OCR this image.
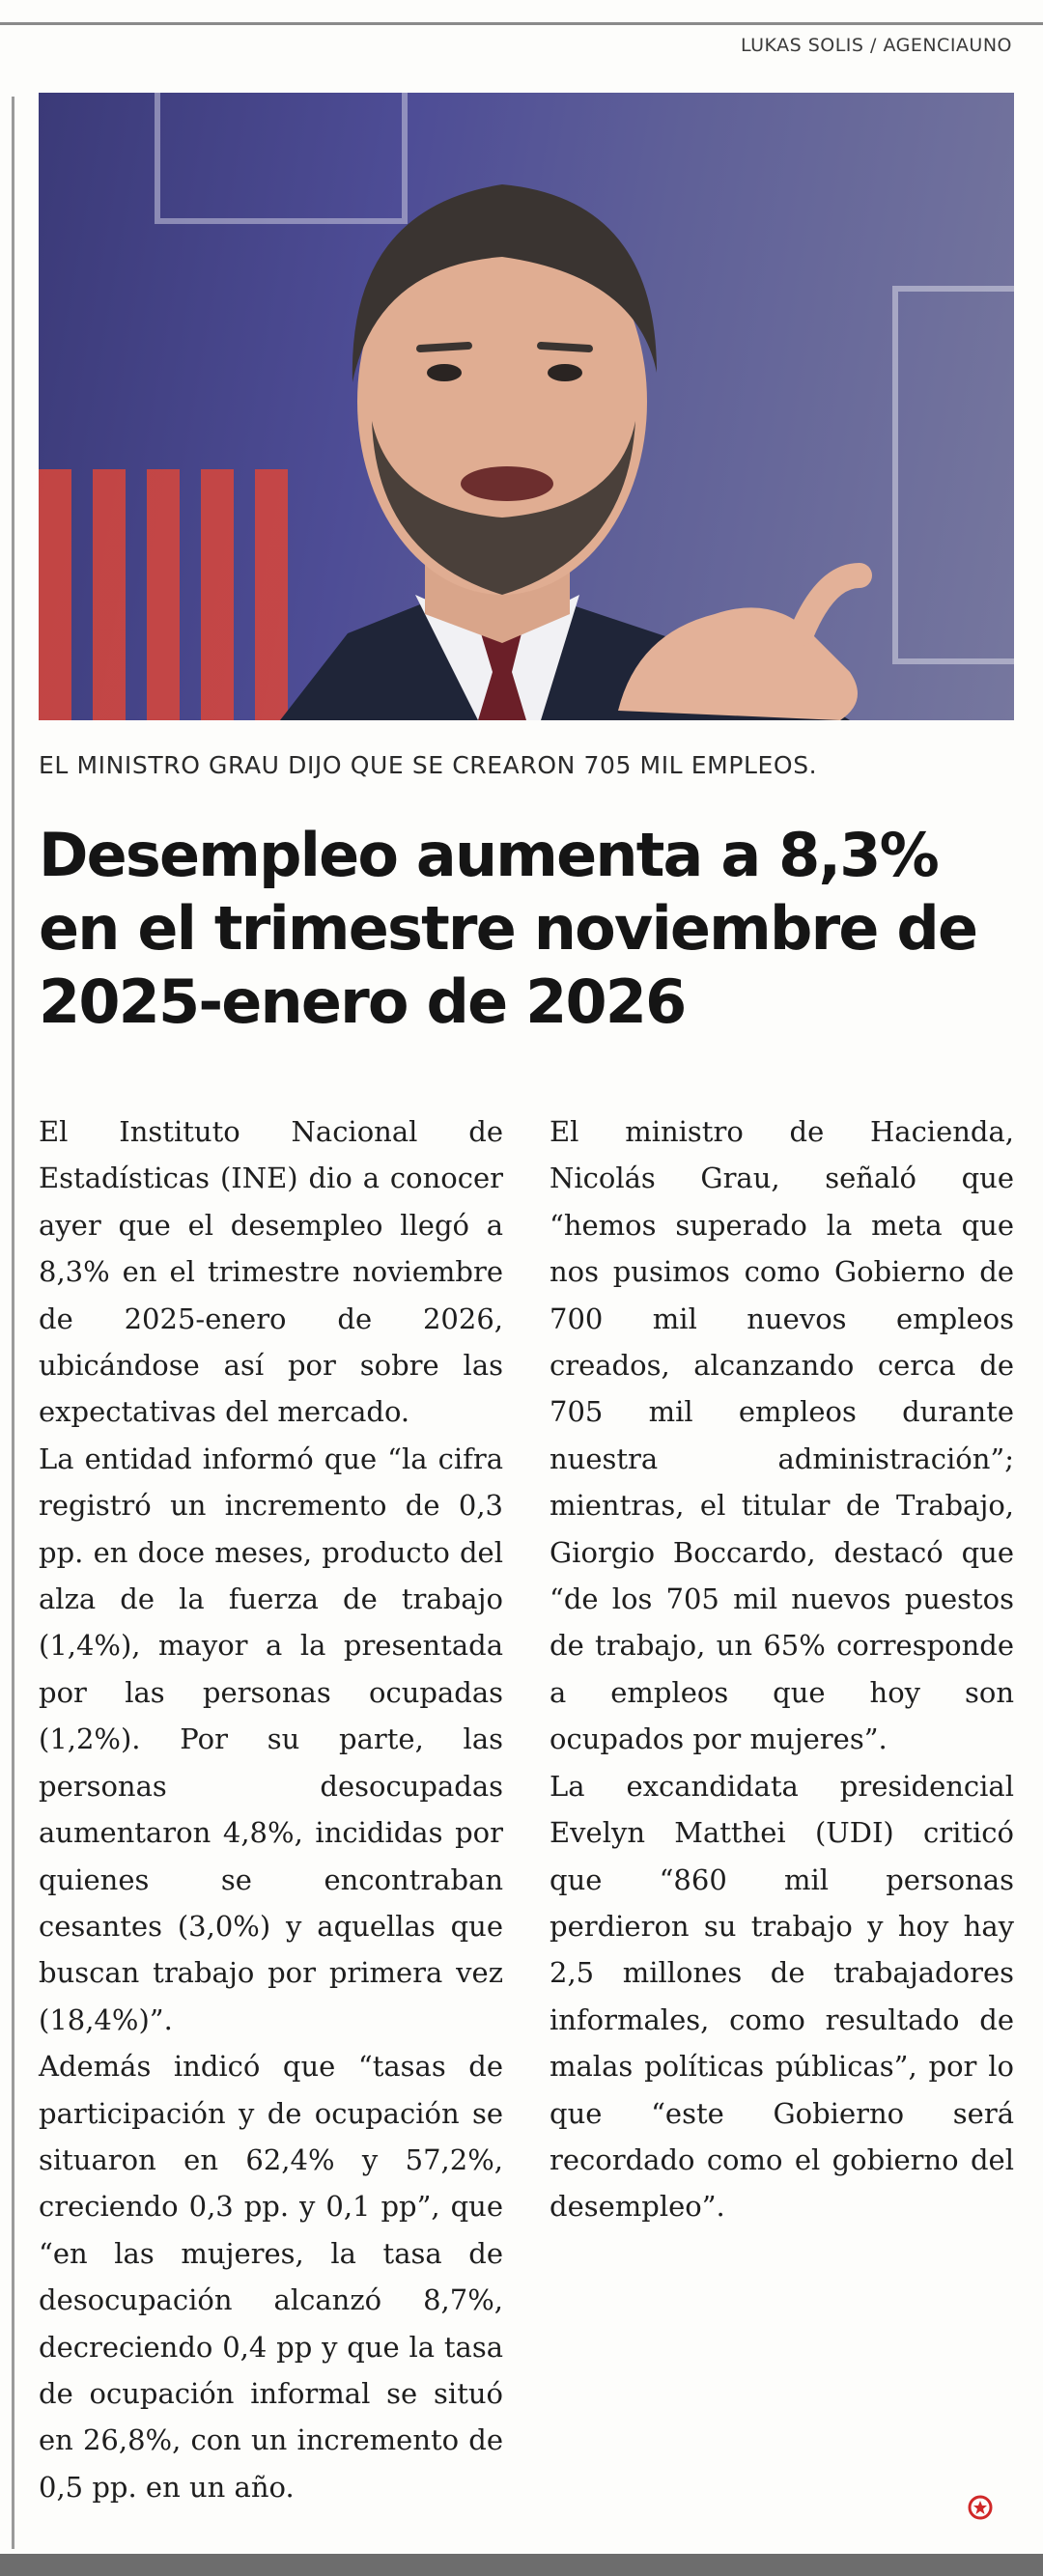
LUKAS SOLIS / AGENCIAUNO
EL MINISTRO GRAU DIJO QUE SE CREARON 705 MIL EMPLEOS.
Desempleo aumenta a 8,3% en el trimestre noviembre de 2025-enero de 2026

El Instituto Nacional de Estadísticas (INE) dio a conocer ayer que el desempleo llegó a 8,3% en el trimestre noviembre de 2025-enero de 2026, ubicándose así por sobre las expectativas del mercado.

La entidad informó que “la cifra registró un incremento de 0,3 pp. en doce meses, producto del alza de la fuerza de trabajo (1,4%), mayor a la presentada por las personas ocupadas (1,2%). Por su parte, las personas desocupadas aumentaron 4,8%, incididas por quienes se encontraban cesantes (3,0%) y aquellas que buscan trabajo por primera vez (18,4%)”.

Además indicó que “tasas de participación y de ocupación se situaron en 62,4% y 57,2%, creciendo 0,3 pp. y 0,1 pp”, que “en las mujeres, la tasa de desocupación alcanzó 8,7%, decreciendo 0,4 pp y que la tasa de ocupación informal se situó en 26,8%, con un incremento de 0,5 pp. en un año.

El ministro de Hacienda, Nicolás Grau, señaló que “hemos superado la meta que nos pusimos como Gobierno de 700 mil nuevos empleos creados, alcanzando cerca de 705 mil empleos durante nuestra administración”; mientras, el titular de Trabajo, Giorgio Boccardo, destacó que “de los 705 mil nuevos puestos de trabajo, un 65% corresponde a empleos que hoy son ocupados por mujeres”.

La excandidata presidencial Evelyn Matthei (UDI) criticó que “860 mil personas perdieron su trabajo y hoy hay 2,5 millones de trabajadores informales, como resultado de malas políticas públicas”, por lo que “este Gobierno será recordado como el gobierno del desempleo”.
